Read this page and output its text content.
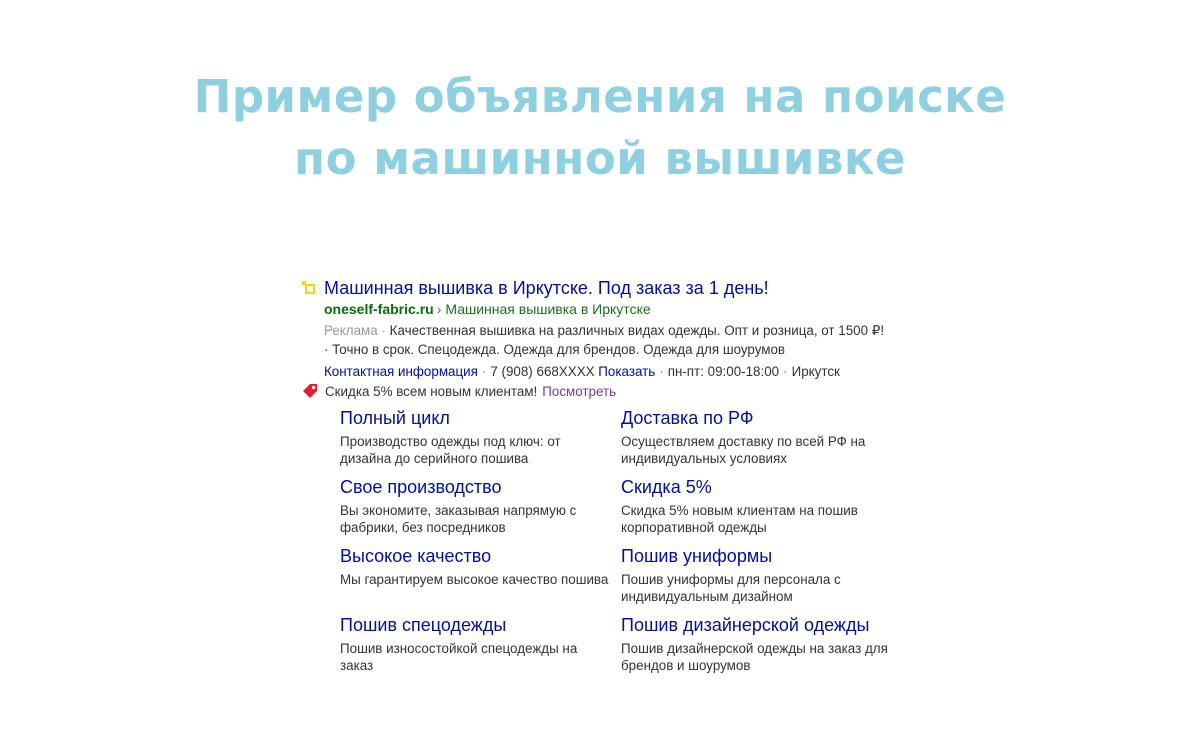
Пример объявления на поиске
по машинной вышивке
Машинная вышивка в Иркутске. Под заказ за 1 день!
oneself-fabric.ru › Машинная вышивка в Иркутске
Реклама · Качественная вышивка на различных видах одежды. Опт и розница, от 1500 ₽! · Точно в срок. Спецодежда. Одежда для брендов. Одежда для шоурумов
Контактная информация · 7 (908) 668XXXX Показать · пн-пт: 09:00-18:00 · Иркутск
Скидка 5% всем новым клиентам! Посмотреть
Полный цикл
Производство одежды под ключ: от дизайна до серийного пошива
Доставка по РФ
Осуществляем доставку по всей РФ на индивидуальных условиях
Свое производство
Вы экономите, заказывая напрямую с фабрики, без посредников
Скидка 5%
Скидка 5% новым клиентам на пошив корпоративной одежды
Высокое качество
Мы гарантируем высокое качество пошива
Пошив униформы
Пошив униформы для персонала с индивидуальным дизайном
Пошив спецодежды
Пошив износостойкой спецодежды на заказ
Пошив дизайнерской одежды
Пошив дизайнерской одежды на заказ для брендов и шоурумов
